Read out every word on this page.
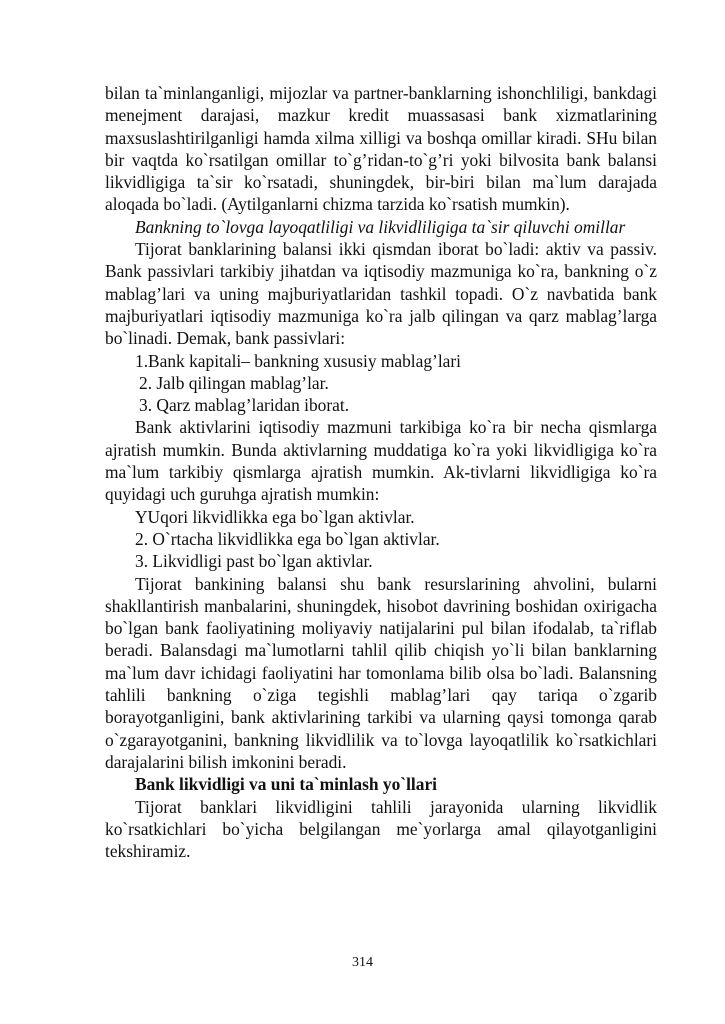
bilan ta`minlanganligi, mijozlar va partner-banklarning ishonchliligi, bankdagi menejment darajasi, mazkur kredit muassasasi bank xizmatlarining maxsuslashtirilganligi hamda xilma xilligi va boshqa omillar kiradi. SHu bilan bir vaqtda ko`rsatilgan omillar to`g’ridan-to`g’ri yoki bilvosita bank balansi likvidligiga ta`sir ko`rsatadi, shuningdek, bir-biri bilan ma`lum darajada aloqada bo`ladi. (Aytilganlarni chizma tarzida ko`rsatish mumkin).

Bankning to`lovga layoqatliligi va likvidliligiga ta`sir qiluvchi omillar

Tijorat banklarining balansi ikki qismdan iborat bo`ladi: aktiv va passiv. Bank passivlari tarkibiy jihatdan va iqtisodiy mazmuniga ko`ra, bankning o`z mablag’lari va uning majburiyatlaridan tashkil topadi. O`z navbatida bank majburiyatlari iqtisodiy mazmuniga ko`ra jalb qilingan va qarz mablag’larga bo`linadi. Demak, bank passivlari:

1.Bank kapitali– bankning xususiy mablag’lari

2. Jalb qilingan mablag’lar.

3. Qarz mablag’laridan iborat.

Bank aktivlarini iqtisodiy mazmuni tarkibiga ko`ra bir necha qismlarga ajratish mumkin. Bunda aktivlarning muddatiga ko`ra yoki likvidligiga ko`ra ma`lum tarkibiy qismlarga ajratish mumkin. Ak-tivlarni likvidligiga ko`ra quyidagi uch guruhga ajratish mumkin:

YUqori likvidlikka ega bo`lgan aktivlar.

2. O`rtacha likvidlikka ega bo`lgan aktivlar.

3. Likvidligi past bo`lgan aktivlar.

Tijorat bankining balansi shu bank resurslarining ahvolini, bularni shakllantirish manbalarini, shuningdek, hisobot davrining boshidan oxirigacha bo`lgan bank faoliyatining moliyaviy natijalarini pul bilan ifodalab, ta`riflab beradi. Balansdagi ma`lumotlarni tahlil qilib chiqish yo`li bilan banklarning ma`lum davr ichidagi faoliyatini har tomonlama bilib olsa bo`ladi. Balansning tahlili bankning o`ziga tegishli mablag’lari qay tariqa o`zgarib borayotganligini, bank aktivlarining tarkibi va ularning qaysi tomonga qarab o`zgarayotganini, bankning likvidlilik va to`lovga layoqatlilik ko`rsatkichlari darajalarini bilish imkonini beradi.

Bank likvidligi va uni ta`minlash yo`llari

Tijorat banklari likvidligini tahlili jarayonida ularning likvidlik ko`rsatkichlari bo`yicha belgilangan me`yorlarga amal qilayotganligini tekshiramiz.

314
